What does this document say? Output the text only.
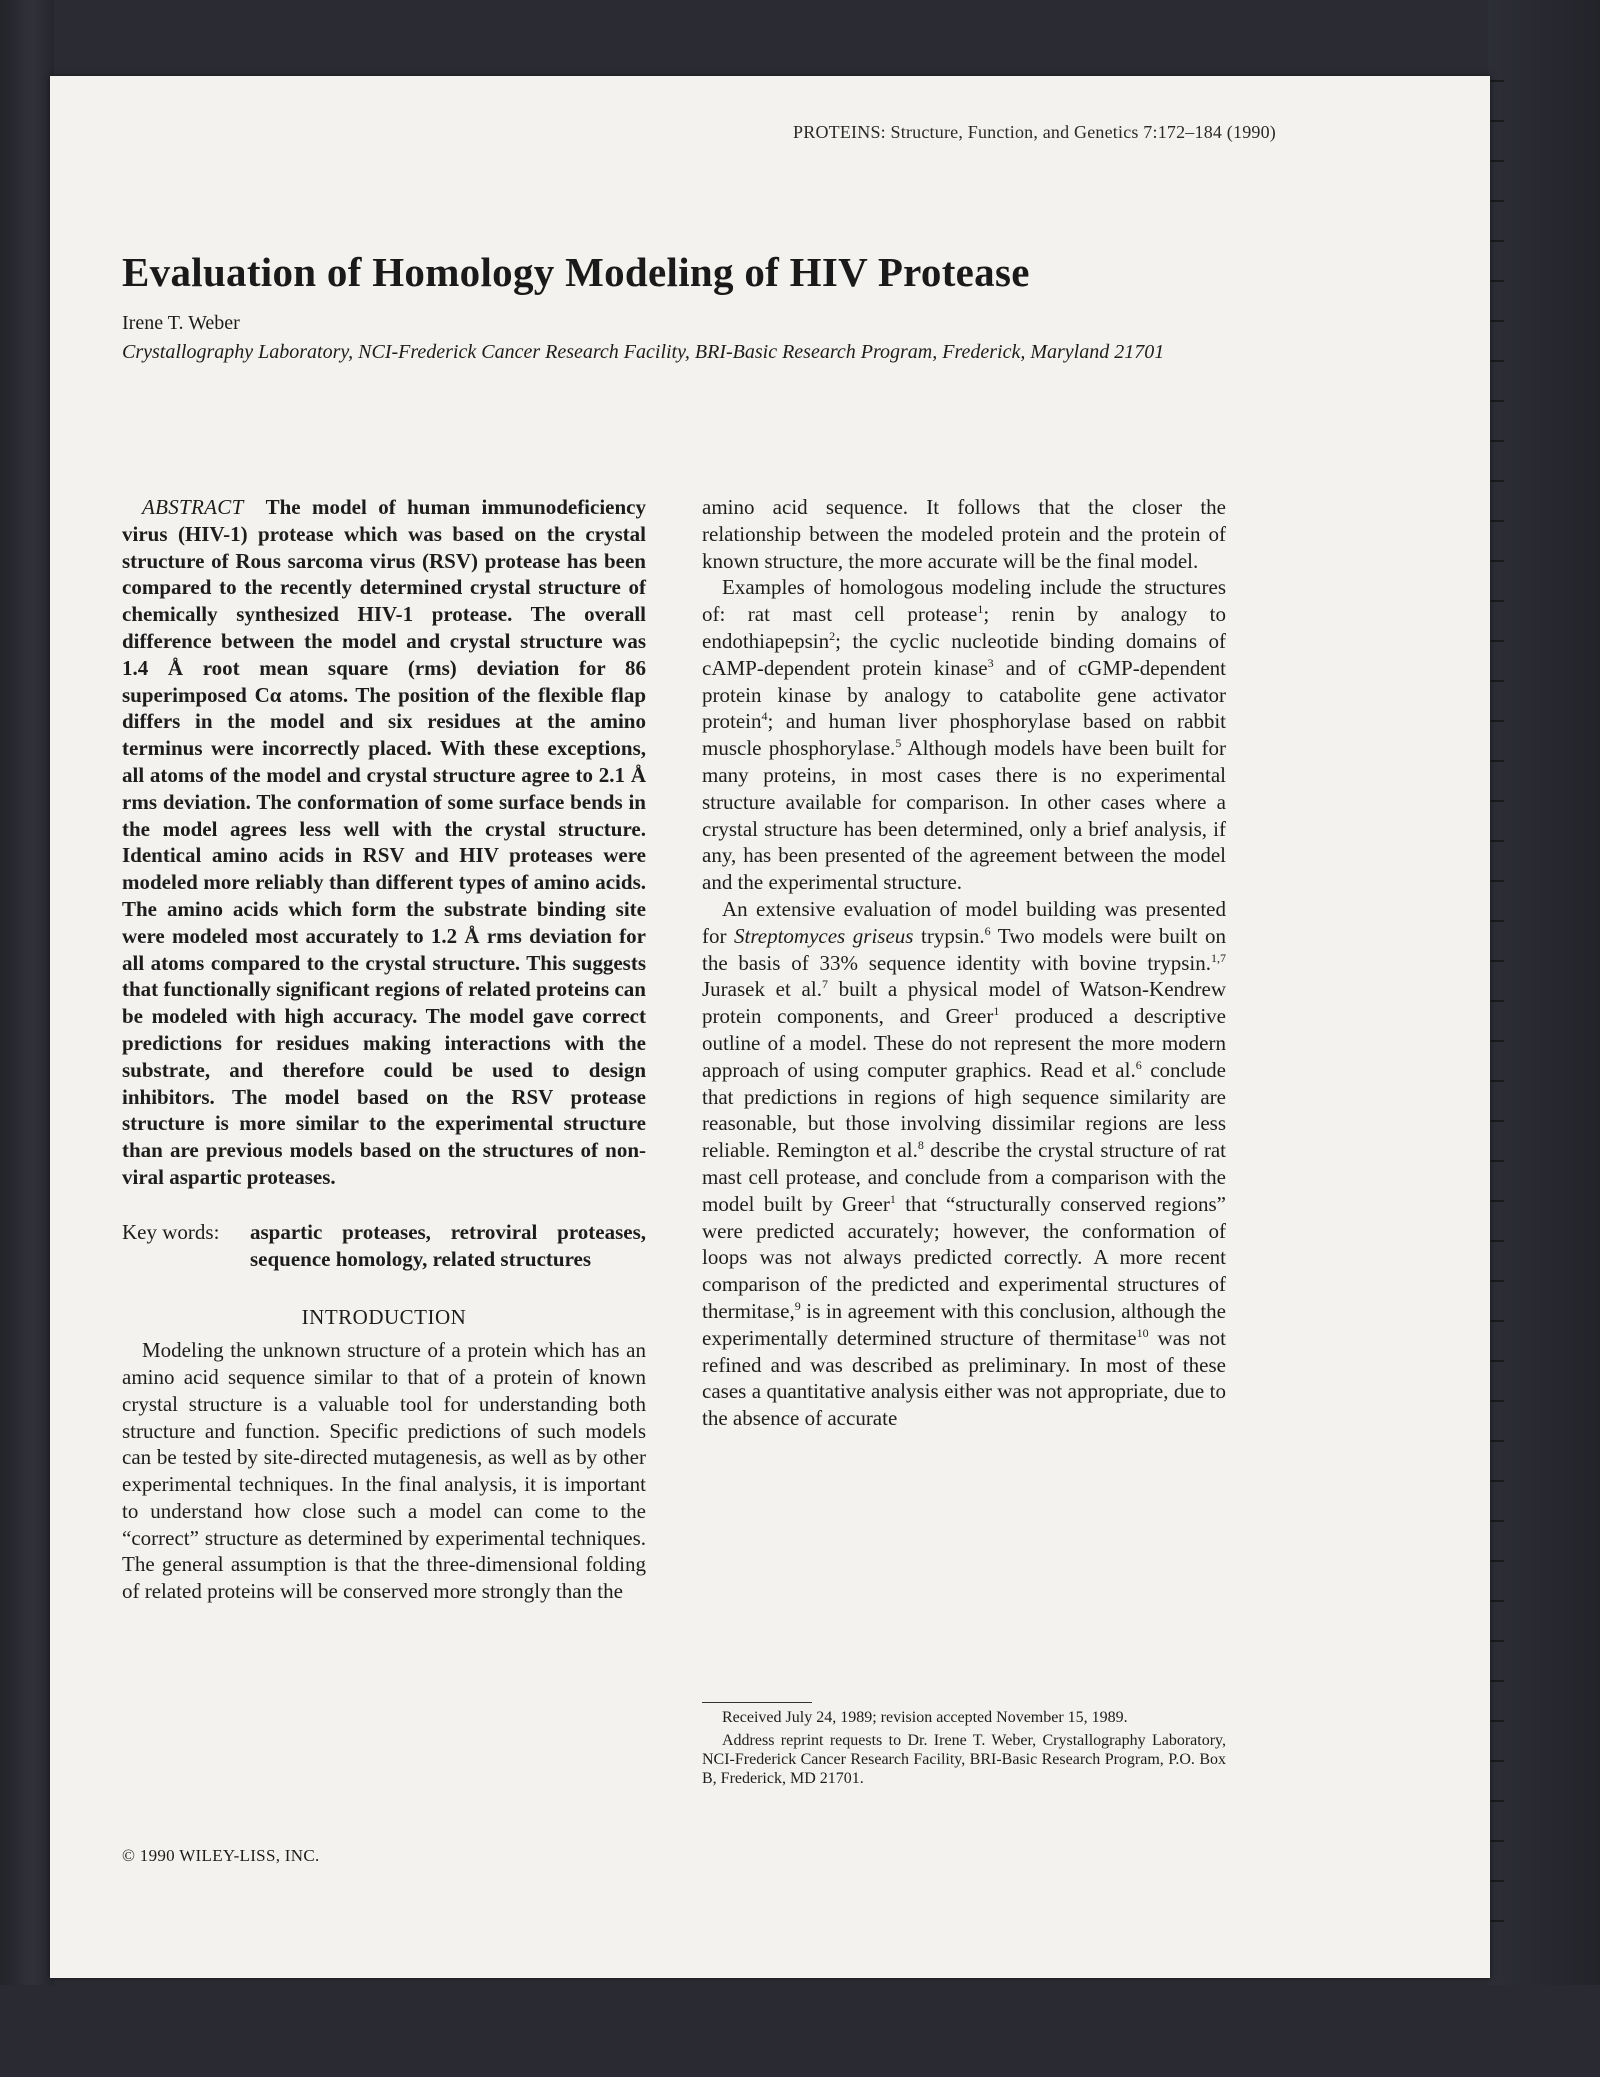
PROTEINS: Structure, Function, and Genetics 7:172–184 (1990)
Evaluation of Homology Modeling of HIV Protease
Irene T. Weber
Crystallography Laboratory, NCI-Frederick Cancer Research Facility, BRI-Basic Research Program, Frederick, Maryland 21701

ABSTRACT The model of human immunodeficiency virus (HIV-1) protease which was based on the crystal structure of Rous sarcoma virus (RSV) protease has been compared to the recently determined crystal structure of chemically synthesized HIV-1 protease. The overall difference between the model and crystal structure was 1.4 Å root mean square (rms) deviation for 86 superimposed Cα atoms. The position of the flexible flap differs in the model and six residues at the amino terminus were incorrectly placed. With these exceptions, all atoms of the model and crystal structure agree to 2.1 Å rms deviation. The conformation of some surface bends in the model agrees less well with the crystal structure. Identical amino acids in RSV and HIV proteases were modeled more reliably than different types of amino acids. The amino acids which form the substrate binding site were modeled most accurately to 1.2 Å rms deviation for all atoms compared to the crystal structure. This suggests that functionally significant regions of related proteins can be modeled with high accuracy. The model gave correct predictions for residues making interactions with the substrate, and therefore could be used to design inhibitors. The model based on the RSV protease structure is more similar to the experimental structure than are previous models based on the structures of non-viral aspartic proteases.

Key words:	aspartic proteases, retroviral proteases, sequence homology, related structures
INTRODUCTION

Modeling the unknown structure of a protein which has an amino acid sequence similar to that of a protein of known crystal structure is a valuable tool for understanding both structure and function. Specific predictions of such models can be tested by site-directed mutagenesis, as well as by other experimental techniques. In the final analysis, it is important to understand how close such a model can come to the “correct” structure as determined by experimental techniques. The general assumption is that the three-dimensional folding of related proteins will be conserved more strongly than the

amino acid sequence. It follows that the closer the relationship between the modeled protein and the protein of known structure, the more accurate will be the final model.

Examples of homologous modeling include the structures of: rat mast cell protease$^1$; renin by analogy to endothiapepsin$^2$; the cyclic nucleotide binding domains of cAMP-dependent protein kinase$^3$ and of cGMP-dependent protein kinase by analogy to catabolite gene activator protein$^4$; and human liver phosphorylase based on rabbit muscle phosphorylase.$^5$ Although models have been built for many proteins, in most cases there is no experimental structure available for comparison. In other cases where a crystal structure has been determined, only a brief analysis, if any, has been presented of the agreement between the model and the experimental structure.

An extensive evaluation of model building was presented for Streptomyces griseus trypsin.$^6$ Two models were built on the basis of 33% sequence identity with bovine trypsin.$^{1,7}$ Jurasek et al.$^7$ built a physical model of Watson-Kendrew protein components, and Greer$^1$ produced a descriptive outline of a model. These do not represent the more modern approach of using computer graphics. Read et al.$^6$ conclude that predictions in regions of high sequence similarity are reasonable, but those involving dissimilar regions are less reliable. Remington et al.$^8$ describe the crystal structure of rat mast cell protease, and conclude from a comparison with the model built by Greer$^1$ that “structurally conserved regions” were predicted accurately; however, the conformation of loops was not always predicted correctly. A more recent comparison of the predicted and experimental structures of thermitase,$^9$ is in agreement with this conclusion, although the experimentally determined structure of thermitase$^{10}$ was not refined and was described as preliminary. In most of these cases a quantitative analysis either was not appropriate, due to the absence of accurate

Received July 24, 1989; revision accepted November 15, 1989.

Address reprint requests to Dr. Irene T. Weber, Crystallography Laboratory, NCI-Frederick Cancer Research Facility, BRI-Basic Research Program, P.O. Box B, Frederick, MD 21701.

© 1990 WILEY-LISS, INC.
